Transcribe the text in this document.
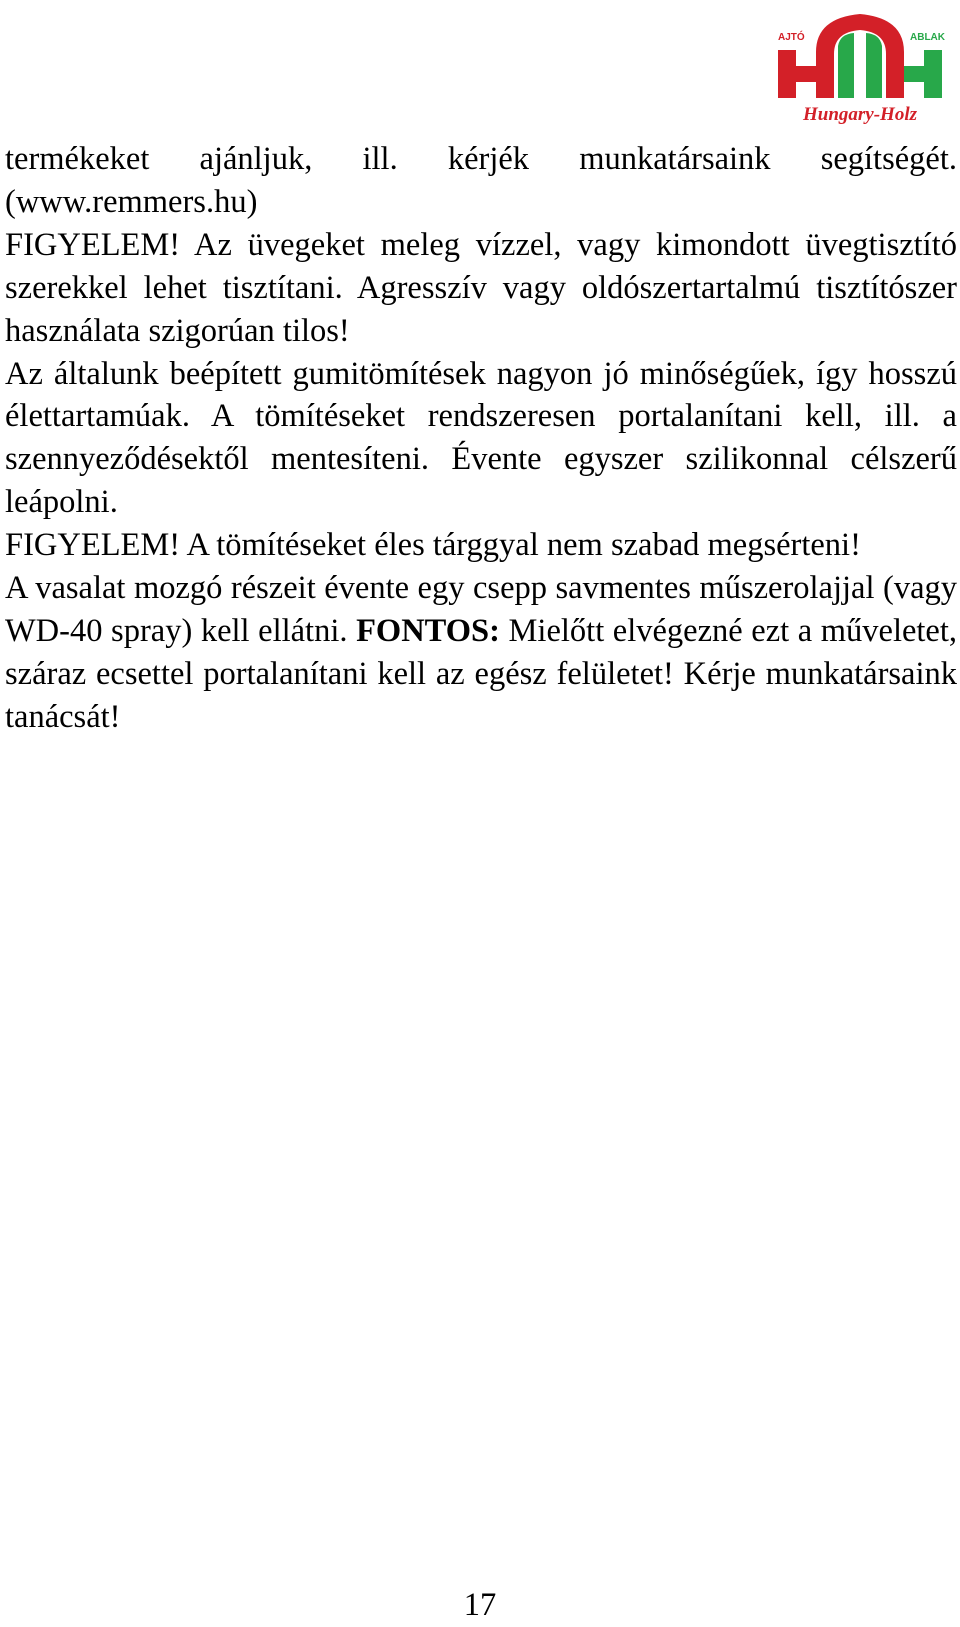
AJTÓ	ABLAK
Hungary-Holz

termékeket ajánljuk, ill. kérjék munkatársaink segítségét.(www.remmers.hu)

FIGYELEM! Az üvegeket meleg vízzel, vagy kimondott üvegtisztító szerekkel lehet tisztítani. Agresszív vagy oldószertartalmú tisztítószer használata szigorúan tilos!

Az általunk beépített gumitömítések nagyon jó minőségűek, így hosszú élettartamúak. A tömítéseket rendszeresen portalanítani kell, ill. a szennyeződésektől mentesíteni. Évente egyszer szilikonnal célszerű leápolni.

FIGYELEM! A tömítéseket éles tárggyal nem szabad megsérteni!

A vasalat mozgó részeit évente egy csepp savmentes műszerolajjal (vagy WD-40 spray) kell ellátni. FONTOS: Mielőtt elvégezné ezt a műveletet, száraz ecsettel portalanítani kell az egész felületet! Kérje munkatársaink tanácsát!

17
